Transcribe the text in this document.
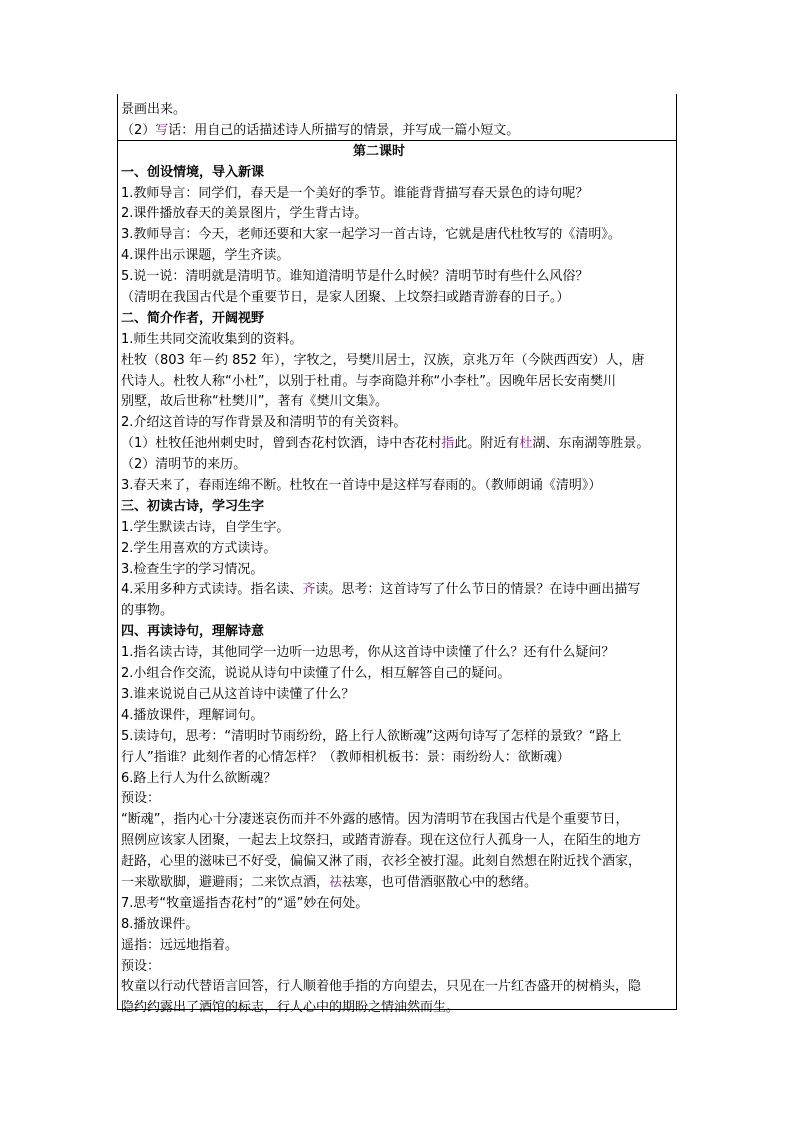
景画出来。
（2）写话：用自己的话描述诗人所描写的情景，并写成一篇小短文。
第二课时
一、创设情境，导入新课
1.教师导言：同学们，春天是一个美好的季节。谁能背背描写春天景色的诗句呢？
2.课件播放春天的美景图片，学生背古诗。
3.教师导言：今天，老师还要和大家一起学习一首古诗，它就是唐代杜牧写的《清明》。
4.课件出示课题，学生齐读。
5.说一说：清明就是清明节。谁知道清明节是什么时候？清明节时有些什么风俗？
（清明在我国古代是个重要节日，是家人团聚、上坟祭扫或踏青游春的日子。）
二、简介作者，开阔视野
1.师生共同交流收集到的资料。
杜牧（803 年－约 852 年），字牧之，号樊川居士，汉族，京兆万年（今陕西西安）人，唐
代诗人。杜牧人称“小杜”，以别于杜甫。与李商隐并称“小李杜”。因晚年居长安南樊川
别墅，故后世称“杜樊川”，著有《樊川文集》。
2.介绍这首诗的写作背景及和清明节的有关资料。
（1）杜牧任池州刺史时，曾到杏花村饮酒，诗中杏花村指此。附近有杜湖、东南湖等胜景。
（2）清明节的来历。
3.春天来了，春雨连绵不断。杜牧在一首诗中是这样写春雨的。（教师朗诵《清明》）
三、初读古诗，学习生字
1.学生默读古诗，自学生字。
2.学生用喜欢的方式读诗。
3.检查生字的学习情况。
4.采用多种方式读诗。指名读、齐读。思考：这首诗写了什么节日的情景？在诗中画出描写
的事物。
四、再读诗句，理解诗意
1.指名读古诗，其他同学一边听一边思考，你从这首诗中读懂了什么？还有什么疑问？
2.小组合作交流，说说从诗句中读懂了什么，相互解答自己的疑问。
3.谁来说说自己从这首诗中读懂了什么？
4.播放课件，理解词句。
5.读诗句，思考：“清明时节雨纷纷，路上行人欲断魂”这两句诗写了怎样的景致？“路上
行人”指谁？此刻作者的心情怎样？（教师相机板书：景：雨纷纷人：欲断魂）
6.路上行人为什么欲断魂？
预设：
“断魂”，指内心十分凄迷哀伤而并不外露的感情。因为清明节在我国古代是个重要节日，
照例应该家人团聚，一起去上坟祭扫，或踏青游春。现在这位行人孤身一人，在陌生的地方
赶路，心里的滋味已不好受，偏偏又淋了雨，衣衫全被打湿。此刻自然想在附近找个酒家，
一来歇歇脚，避避雨；二来饮点酒，祛祛寒，也可借酒驱散心中的愁绪。
7.思考“牧童遥指杏花村”的“遥”妙在何处。
8.播放课件。
遥指：远远地指着。
预设：
牧童以行动代替语言回答，行人顺着他手指的方向望去，只见在一片红杏盛开的树梢头，隐
隐约约露出了酒馆的标志，行人心中的期盼之情油然而生。
